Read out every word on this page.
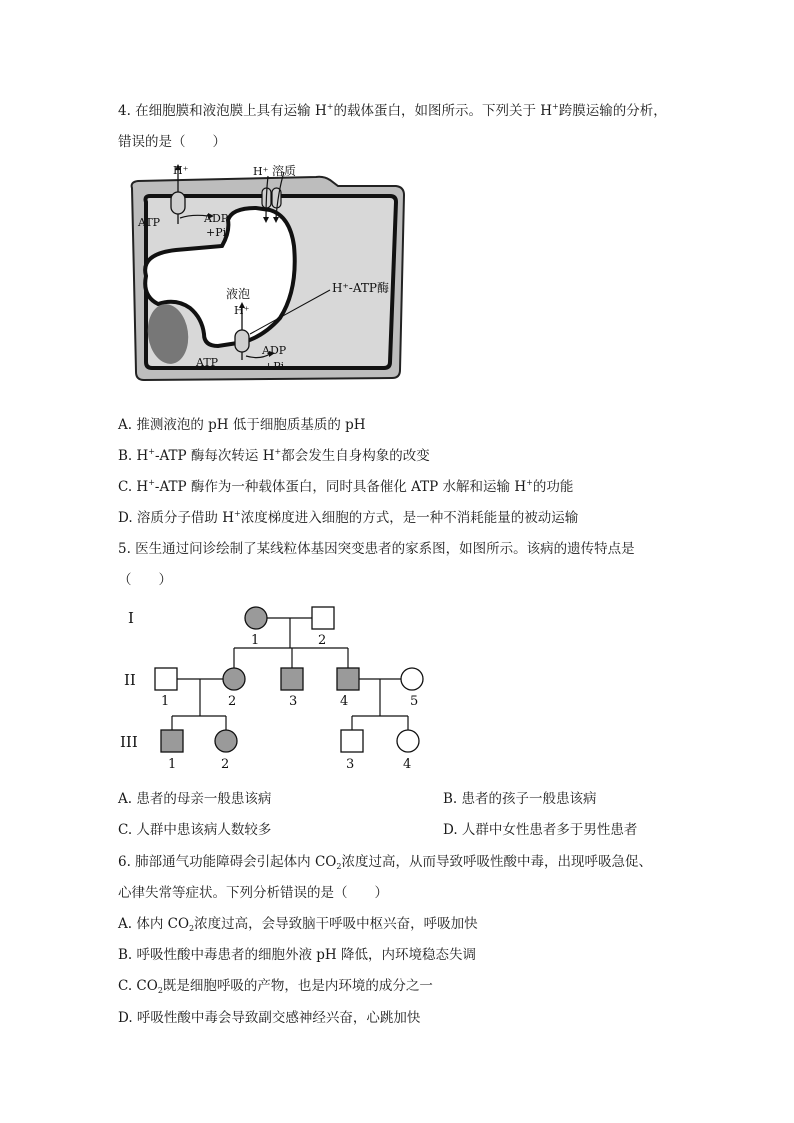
4. 在细胞膜和液泡膜上具有运输 H+的载体蛋白，如图所示。下列关于 H+跨膜运输的分析，
错误的是（　　）
H⁺
ATP	ADP
+Pi
H⁺ 溶质
液泡
H⁺
H⁺-ATP酶
ATP
ADP
+Pi
A. 推测液泡的 pH 低于细胞质基质的 pH
B. H+-ATP 酶每次转运 H+都会发生自身构象的改变
C. H+-ATP 酶作为一种载体蛋白，同时具备催化 ATP 水解和运输 H+的功能
D. 溶质分子借助 H+浓度梯度进入细胞的方式，是一种不消耗能量的被动运输
5. 医生通过问诊绘制了某线粒体基因突变患者的家系图，如图所示。该病的遗传特点是
（　　）
I
II
III
1	2
1	2	3	4	5
1	2	3	4
A. 患者的母亲一般患该病	B. 患者的孩子一般患该病
C. 人群中患该病人数较多	D. 人群中女性患者多于男性患者
6. 肺部通气功能障碍会引起体内 $CO_2$浓度过高，从而导致呼吸性酸中毒，出现呼吸急促、
心律失常等症状。下列分析错误的是（　　）
A. 体内 $CO_2$浓度过高，会导致脑干呼吸中枢兴奋，呼吸加快
B. 呼吸性酸中毒患者的细胞外液 pH 降低，内环境稳态失调
C. $CO_2$既是细胞呼吸的产物，也是内环境的成分之一
D. 呼吸性酸中毒会导致副交感神经兴奋，心跳加快
